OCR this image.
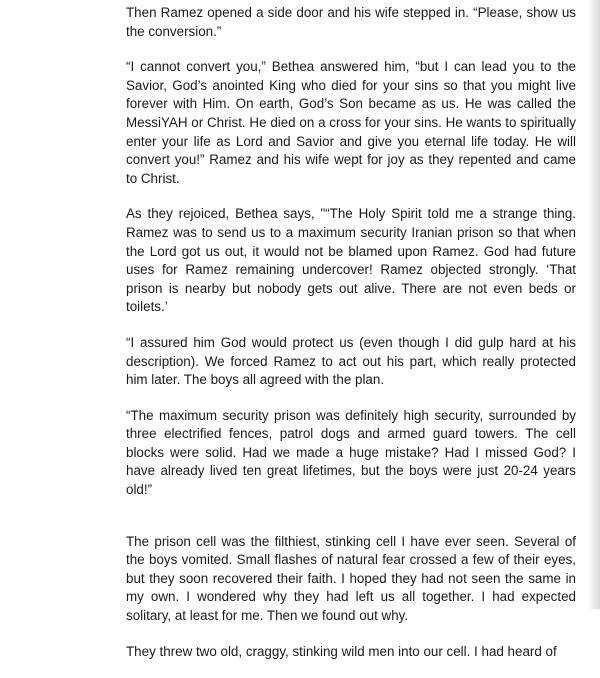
Then Ramez opened a side door and his wife stepped in. “Please, show us the conversion.”

“I cannot convert you,” Bethea answered him, “but I can lead you to the Savior, God’s anointed King who died for your sins so that you might live forever with Him. On earth, God’s Son became as us. He was called the MessiYAH or Christ. He died on a cross for your sins. He wants to spiritually enter your life as Lord and Savior and give you eternal life today. He will convert you!” Ramez and his wife wept for joy as they repented and came to Christ.

As they rejoiced, Bethea says, "“The Holy Spirit told me a strange thing. Ramez was to send us to a maximum security Iranian prison so that when the Lord got us out, it would not be blamed upon Ramez. God had future uses for Ramez remaining undercover! Ramez objected strongly. ‘That prison is nearby but nobody gets out alive. There are not even beds or toilets.’

“I assured him God would protect us (even though I did gulp hard at his description). We forced Ramez to act out his part, which really protected him later. The boys all agreed with the plan.

“The maximum security prison was definitely high security, surrounded by three electrified fences, patrol dogs and armed guard towers. The cell blocks were solid. Had we made a huge mistake? Had I missed God? I have already lived ten great lifetimes, but the boys were just 20-24 years old!”

The prison cell was the filthiest, stinking cell I have ever seen. Several of the boys vomited. Small flashes of natural fear crossed a few of their eyes, but they soon recovered their faith. I hoped they had not seen the same in my own. I wondered why they had left us all together. I had expected solitary, at least for me. Then we found out why.

They threw two old, craggy, stinking wild men into our cell. I had heard of
